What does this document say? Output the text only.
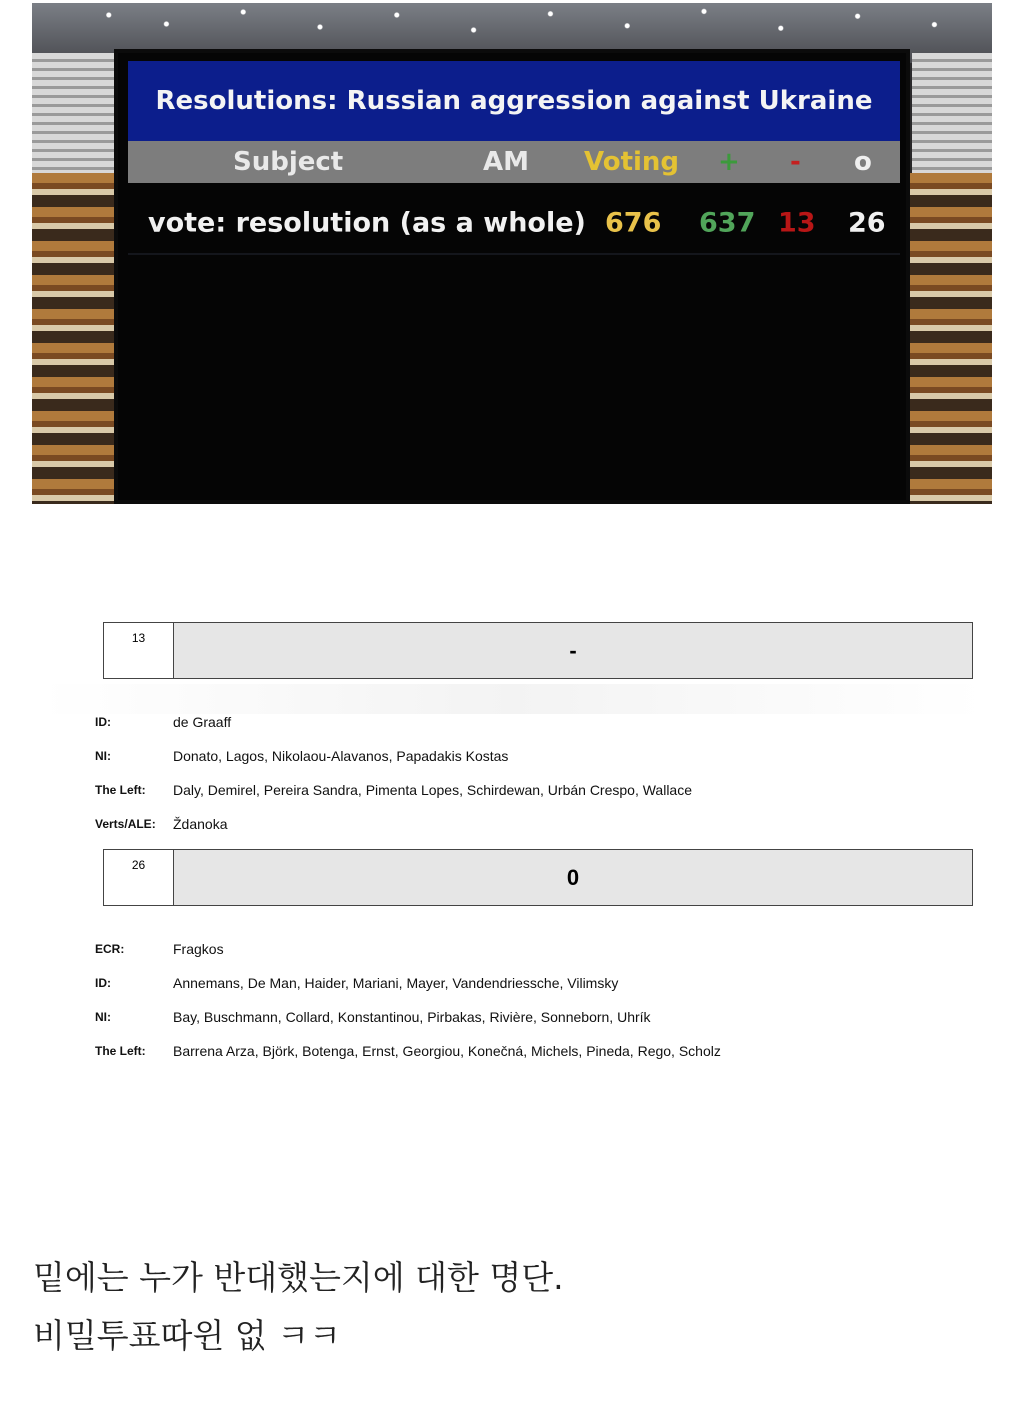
Resolutions: Russian aggression against Ukraine
Subject	AM Voting + - o
vote: resolution (as a whole) 676 637 13 26
13	-
ID:	de Graaff
NI:	Donato, Lagos, Nikolaou-Alavanos, Papadakis Kostas
The Left: Daly, Demirel, Pereira Sandra, Pimenta Lopes, Schirdewan, Urbán Crespo, Wallace
Verts/ALE: Ždanoka
26	0
ECR:	Fragkos
ID:	Annemans, De Man, Haider, Mariani, Mayer, Vandendriessche, Vilimsky
NI:	Bay, Buschmann, Collard, Konstantinou, Pirbakas, Rivière, Sonneborn, Uhrík
The Left: Barrena Arza, Björk, Botenga, Ernst, Georgiou, Konečná, Michels, Pineda, Rego, Scholz
밑에는 누가 반대했는지에 대한 명단.
비밀투표따윈 없 ㅋㅋ
